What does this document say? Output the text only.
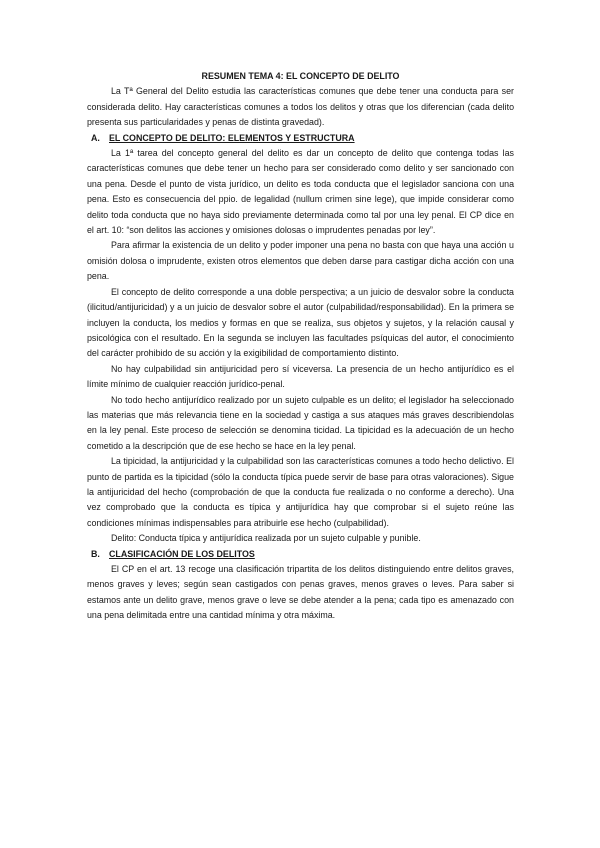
RESUMEN TEMA 4: EL CONCEPTO DE DELITO

La Tª General del Delito estudia las características comunes que debe tener una conducta para ser considerada delito. Hay características comunes a todos los delitos y otras que los diferencian (cada delito presenta sus particularidades y penas de distinta gravedad).

A.	EL CONCEPTO DE DELITO: ELEMENTOS Y ESTRUCTURA

La 1ª tarea del concepto general del delito es dar un concepto de delito que contenga todas las características comunes que debe tener un hecho para ser considerado como delito y ser sancionado con una pena. Desde el punto de vista jurídico, un delito es toda conducta que el legislador sanciona con una pena. Esto es consecuencia del ppio. de legalidad (nullum crimen sine lege), que impide considerar como delito toda conducta que no haya sido previamente determinada como tal por una ley penal. El CP dice en el art. 10: “son delitos las acciones y omisiones dolosas o imprudentes penadas por ley”.

Para afirmar la existencia de un delito y poder imponer una pena no basta con que haya una acción u omisión dolosa o imprudente, existen otros elementos que deben darse para castigar dicha acción con una pena.

El concepto de delito corresponde a una doble perspectiva; a un juicio de desvalor sobre la conducta (ilicitud/antijuricidad) y a un juicio de desvalor sobre el autor (culpabilidad/responsabilidad). En la primera se incluyen la conducta, los medios y formas en que se realiza, sus objetos y sujetos, y la relación causal y psicológica con el resultado. En la segunda se incluyen las facultades psíquicas del autor, el conocimiento del carácter prohibido de su acción y la exigibilidad de comportamiento distinto.

No hay culpabilidad sin antijuricidad pero sí viceversa. La presencia de un hecho antijurídico es el límite mínimo de cualquier reacción jurídico-penal.

No todo hecho antijurídico realizado por un sujeto culpable es un delito; el legislador ha seleccionado las materias que más relevancia tiene en la sociedad y castiga a sus ataques más graves describiendolas en la ley penal. Este proceso de selección se denomina ticidad. La tipicidad es la adecuación de un hecho cometido a la descripción que de ese hecho se hace en la ley penal.

La tipicidad, la antijuricidad y la culpabilidad son las características comunes a todo hecho delictivo. El punto de partida es la tipicidad (sólo la conducta típica puede servir de base para otras valoraciones). Sigue la antijuricidad del hecho (comprobación de que la conducta fue realizada o no conforme a derecho). Una vez comprobado que la conducta es típica y antijurídica hay que comprobar si el sujeto reúne las condiciones mínimas indispensables para atribuirle ese hecho (culpabilidad).

Delito: Conducta típica y antijurídica realizada por un sujeto culpable y punible.

B.	CLASIFICACIÓN DE LOS DELITOS

El CP en el art. 13 recoge una clasificación tripartita de los delitos distinguiendo entre delitos graves, menos graves y leves; según sean castigados con penas graves, menos graves o leves. Para saber si estamos ante un delito grave, menos grave o leve se debe atender a la pena; cada tipo es amenazado con una pena delimitada entre una cantidad mínima y otra máxima.
